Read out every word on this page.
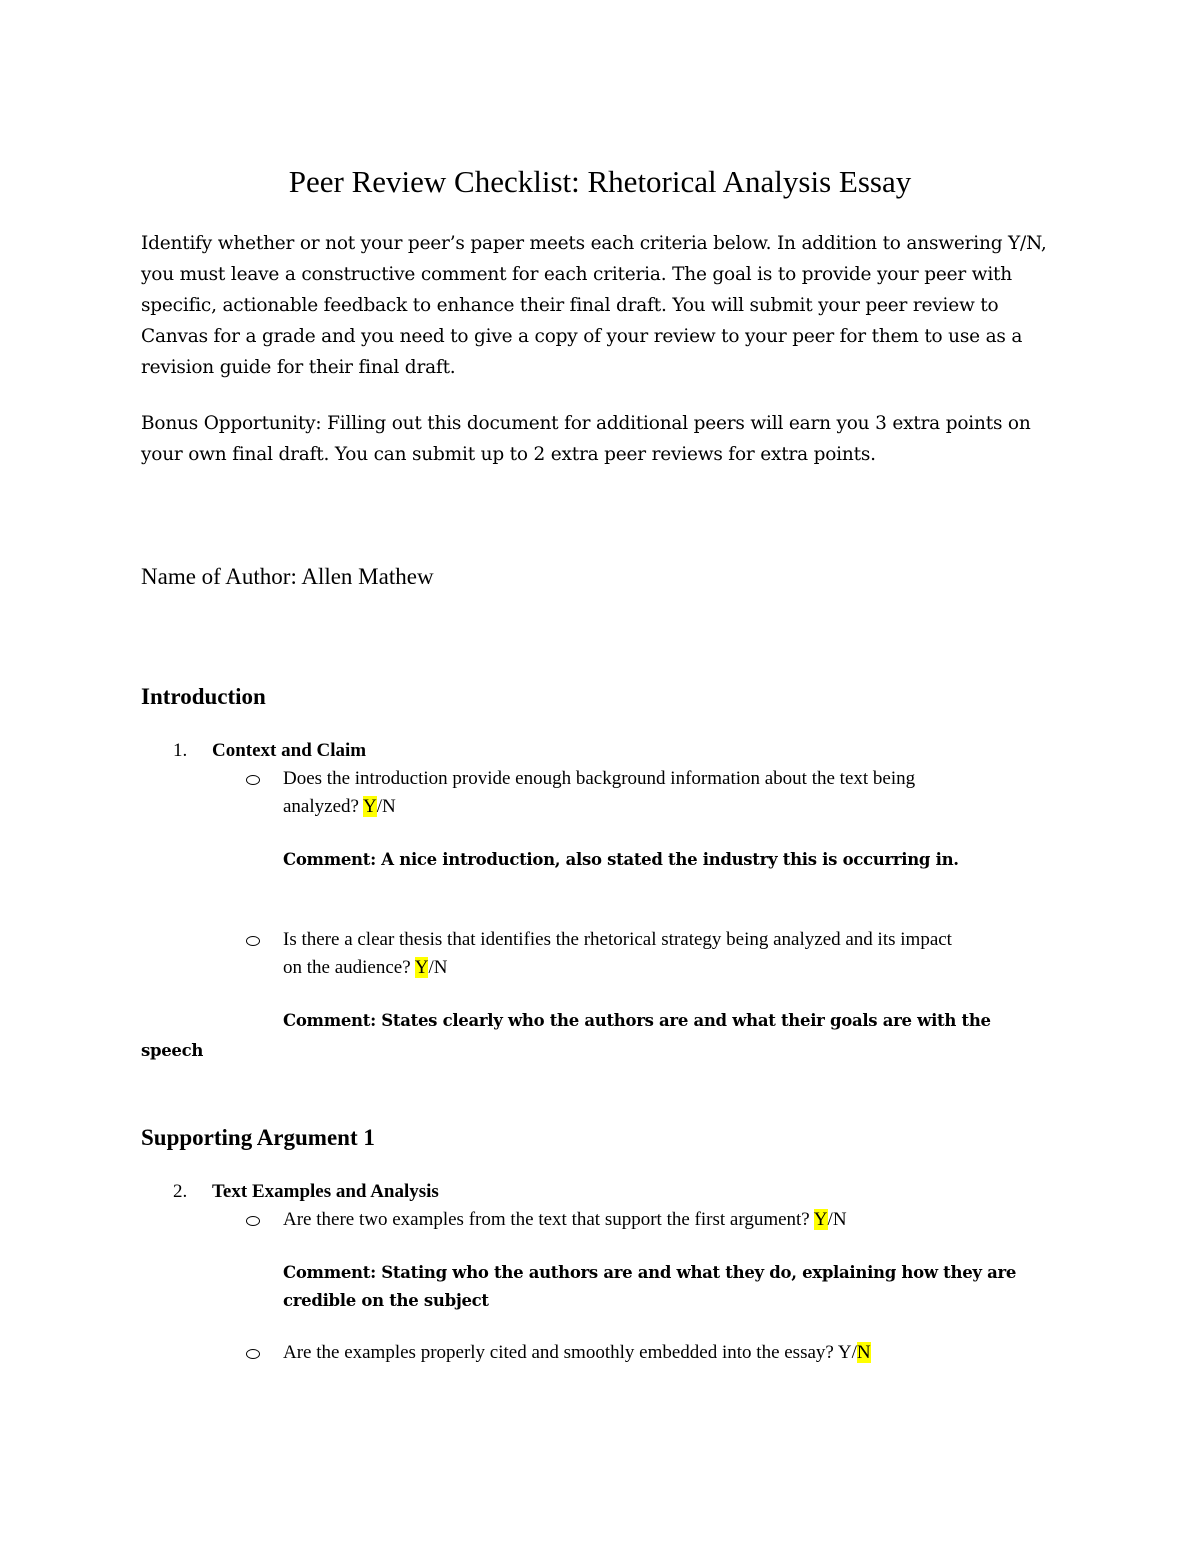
Peer Review Checklist: Rhetorical Analysis Essay
Identify whether or not your peer’s paper meets each criteria below. In addition to answering Y/N, you must leave a constructive comment for each criteria. The goal is to provide your peer with specific, actionable feedback to enhance their final draft. You will submit your peer review to Canvas for a grade and you need to give a copy of your review to your peer for them to use as a revision guide for their final draft.
Bonus Opportunity: Filling out this document for additional peers will earn you 3 extra points on your own final draft. You can submit up to 2 extra peer reviews for extra points.
Name of Author: Allen Mathew
Introduction
1. Context and Claim
Does the introduction provide enough background information about the text being
analyzed? Y/N
Comment: A nice introduction, also stated the industry this is occurring in.
Is there a clear thesis that identifies the rhetorical strategy being analyzed and its impact
on the audience? Y/N
Comment: States clearly who the authors are and what their goals are with the
speech
Supporting Argument 1
2. Text Examples and Analysis
Are there two examples from the text that support the first argument? Y/N
Comment: Stating who the authors are and what they do, explaining how they are
credible on the subject
Are the examples properly cited and smoothly embedded into the essay? Y/N
